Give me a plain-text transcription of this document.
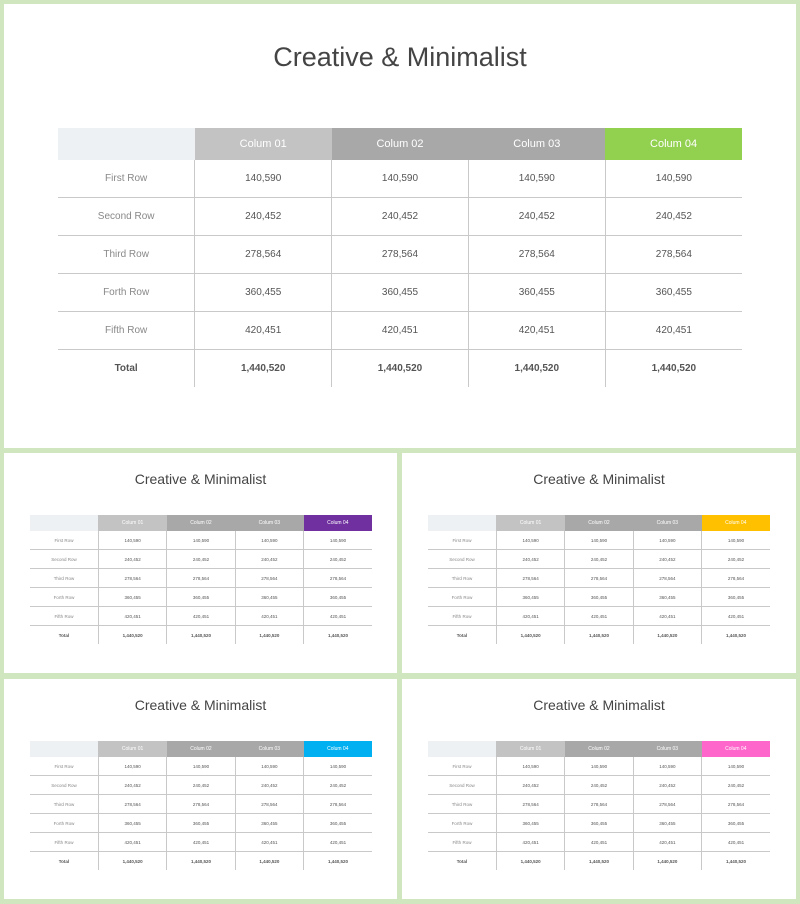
Creative & Minimalist
	Colum 01	Colum 02	Colum 03	Colum 04
First Row	140,590	140,590	140,590	140,590
Second Row	240,452	240,452	240,452	240,452
Third Row	278,564	278,564	278,564	278,564
Forth Row	360,455	360,455	360,455	360,455
Fifth Row	420,451	420,451	420,451	420,451
Total	1,440,520	1,440,520	1,440,520	1,440,520
Creative & Minimalist
	Colum 01	Colum 02	Colum 03	Colum 04
First Row	140,590	140,590	140,590	140,590
Second Row	240,452	240,452	240,452	240,452
Third Row	278,564	278,564	278,564	278,564
Forth Row	360,455	360,455	360,455	360,455
Fifth Row	420,451	420,451	420,451	420,451
Total	1,440,520	1,440,520	1,440,520	1,440,520
Creative & Minimalist
	Colum 01	Colum 02	Colum 03	Colum 04
First Row	140,590	140,590	140,590	140,590
Second Row	240,452	240,452	240,452	240,452
Third Row	278,564	278,564	278,564	278,564
Forth Row	360,455	360,455	360,455	360,455
Fifth Row	420,451	420,451	420,451	420,451
Total	1,440,520	1,440,520	1,440,520	1,440,520
Creative & Minimalist
	Colum 01	Colum 02	Colum 03	Colum 04
First Row	140,590	140,590	140,590	140,590
Second Row	240,452	240,452	240,452	240,452
Third Row	278,564	278,564	278,564	278,564
Forth Row	360,455	360,455	360,455	360,455
Fifth Row	420,451	420,451	420,451	420,451
Total	1,440,520	1,440,520	1,440,520	1,440,520
Creative & Minimalist
	Colum 01	Colum 02	Colum 03	Colum 04
First Row	140,590	140,590	140,590	140,590
Second Row	240,452	240,452	240,452	240,452
Third Row	278,564	278,564	278,564	278,564
Forth Row	360,455	360,455	360,455	360,455
Fifth Row	420,451	420,451	420,451	420,451
Total	1,440,520	1,440,520	1,440,520	1,440,520
